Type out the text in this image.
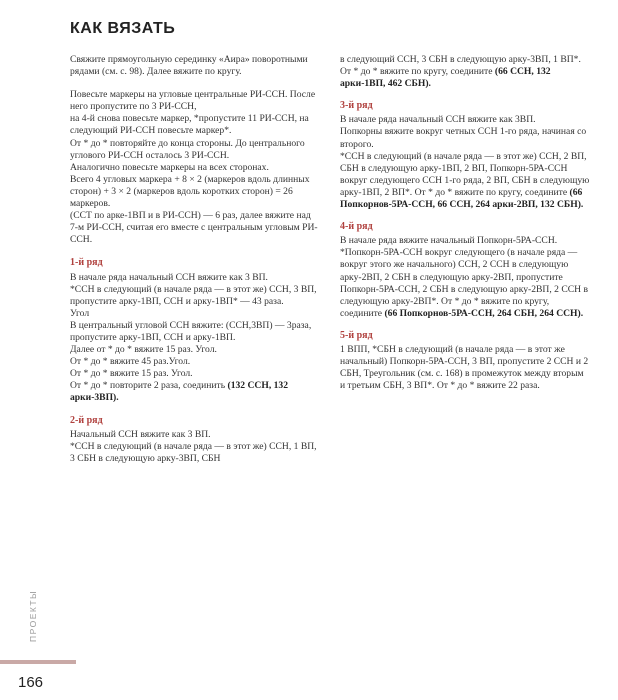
КАК ВЯЗАТЬ

Свяжите прямоугольную серединку «Аира» поворотными рядами (см. с. 98). Далее вяжите по кругу.

Повесьте маркеры на угловые центральные РИ-ССН. После него пропустите по 3 РИ-ССН,
на 4-й снова повесьте маркер, *пропустите 11 РИ-ССН, на следующий РИ-ССН повесьте маркер*.
От * до * повторяйте до конца стороны. До центрального углового РИ-ССН осталось 3 РИ-ССН.
Аналогично повесьте маркеры на всех сторонах.
Всего 4 угловых маркера + 8 × 2 (маркеров вдоль длинных сторон) + 3 × 2 (маркеров вдоль коротких сторон) = 26 маркеров.
(ССТ по арке-1ВП и в РИ-ССН) — 6 раз, далее вяжите над 7-м РИ-ССН, считая его вместе с центральным угловым РИ-ССН.

1-й ряд

В начале ряда начальный ССН вяжите как 3 ВП.
*ССН в следующий (в начале ряда — в этот же) ССН, 3 ВП, пропустите арку-1ВП, ССН и арку-1ВП* — 43 раза.
Угол
В центральный угловой ССН вяжите: (ССН,3ВП) — 3раза, пропустите арку-1ВП, ССН и арку-1ВП.
Далее от * до * вяжите 15 раз. Угол.
От * до * вяжите 45 раз.Угол.
От * до * вяжите 15 раз. Угол.
От * до * повторите 2 раза, соединить (132 ССН, 132 арки-3ВП).

2-й ряд

Начальный ССН вяжите как 3 ВП.
*ССН в следующий (в начале ряда — в этот же) ССН, 1 ВП, 3 СБН в следующую арку-3ВП, СБН

в следующий ССН, 3 СБН в следующую арку-3ВП, 1 ВП*. От * до * вяжите по кругу, соедините (66 ССН, 132 арки-1ВП, 462 СБН).

3-й ряд

В начале ряда начальный ССН вяжите как 3ВП.
Попкорны вяжите вокруг четных ССН 1-го ряда, начиная со второго.
*ССН в следующий (в начале ряда — в этот же) ССН, 2 ВП, СБН в следующую арку-1ВП, 2 ВП, Попкорн-5РА-ССН вокруг следующего ССН 1-го ряда, 2 ВП, СБН в следующую арку-1ВП, 2 ВП*. От * до * вяжите по кругу, соедините (66 Попкорнов-5РА-ССН, 66 ССН, 264 арки-2ВП, 132 СБН).

4-й ряд

В начале ряда вяжите начальный Попкорн-5РА-ССН.
*Попкорн-5РА-ССН вокруг следующего (в начале ряда — вокруг этого же начального) ССН, 2 ССН в следующую арку-2ВП, 2 СБН в следующую арку-2ВП, пропустите Попкорн-5РА-ССН, 2 СБН в следующую арку-2ВП, 2 ССН в следующую арку-2ВП*. От * до * вяжите по кругу, соедините (66 Попкорнов-5РА-ССН, 264 СБН, 264 ССН).

5-й ряд

1 ВПП, *СБН в следующий (в начале ряда — в этот же начальный) Попкорн-5РА-ССН, 3 ВП, пропустите 2 ССН и 2 СБН, Треугольник (см. с. 168) в промежуток между вторым и третьим СБН, 3 ВП*. От * до * вяжите 22 раза.

ПРОЕКТЫ
166
